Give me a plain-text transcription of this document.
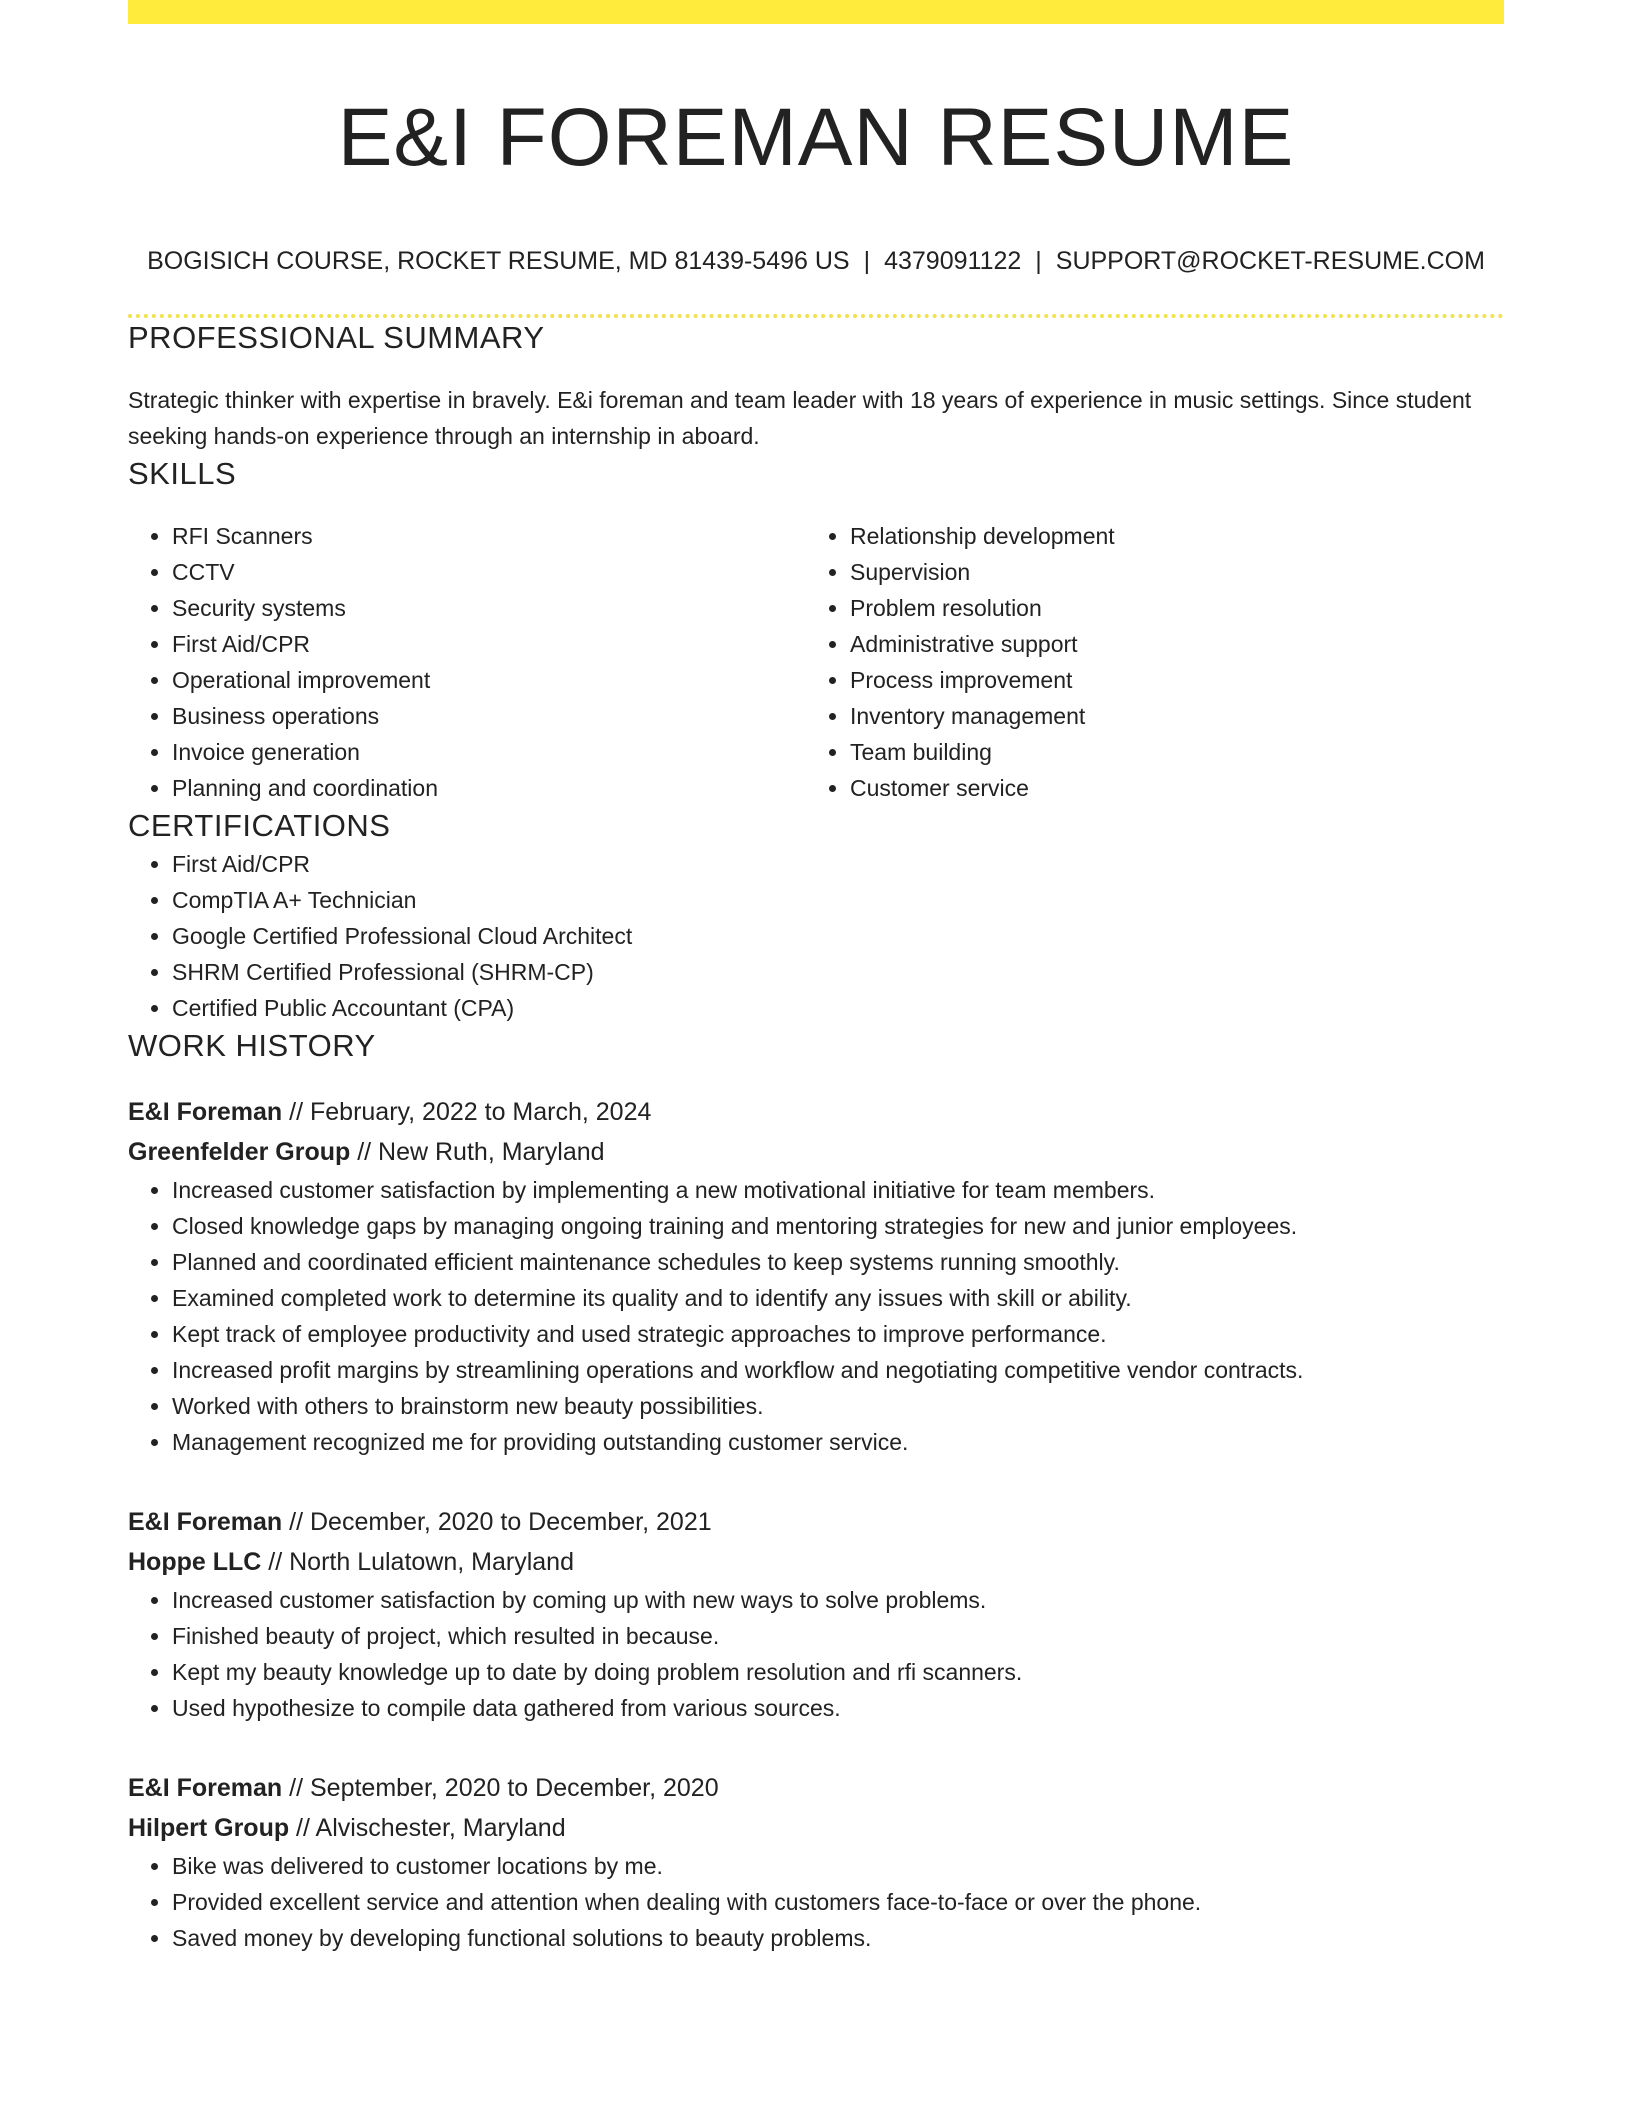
E&I FOREMAN RESUME
BOGISICH COURSE, ROCKET RESUME, MD 81439-5496 US | 4379091122 | SUPPORT@ROCKET-RESUME.COM
PROFESSIONAL SUMMARY

Strategic thinker with expertise in bravely. E&i foreman and team leader with 18 years of experience in music settings. Since student seeking hands-on experience through an internship in aboard.

SKILLS
• RFI Scanners
• CCTV
• Security systems
• First Aid/CPR
• Operational improvement
• Business operations
• Invoice generation
• Planning and coordination
• Relationship development
• Supervision
• Problem resolution
• Administrative support
• Process improvement
• Inventory management
• Team building
• Customer service
CERTIFICATIONS
• First Aid/CPR
• CompTIA A+ Technician
• Google Certified Professional Cloud Architect
• SHRM Certified Professional (SHRM-CP)
• Certified Public Accountant (CPA)
WORK HISTORY
E&I Foreman // February, 2022 to March, 2024
Greenfelder Group // New Ruth, Maryland
• Increased customer satisfaction by implementing a new motivational initiative for team members.
• Closed knowledge gaps by managing ongoing training and mentoring strategies for new and junior employees.
• Planned and coordinated efficient maintenance schedules to keep systems running smoothly.
• Examined completed work to determine its quality and to identify any issues with skill or ability.
• Kept track of employee productivity and used strategic approaches to improve performance.
• Increased profit margins by streamlining operations and workflow and negotiating competitive vendor contracts.
• Worked with others to brainstorm new beauty possibilities.
• Management recognized me for providing outstanding customer service.
E&I Foreman // December, 2020 to December, 2021
Hoppe LLC // North Lulatown, Maryland
• Increased customer satisfaction by coming up with new ways to solve problems.
• Finished beauty of project, which resulted in because.
• Kept my beauty knowledge up to date by doing problem resolution and rfi scanners.
• Used hypothesize to compile data gathered from various sources.
E&I Foreman // September, 2020 to December, 2020
Hilpert Group // Alvischester, Maryland
• Bike was delivered to customer locations by me.
• Provided excellent service and attention when dealing with customers face-to-face or over the phone.
• Saved money by developing functional solutions to beauty problems.
